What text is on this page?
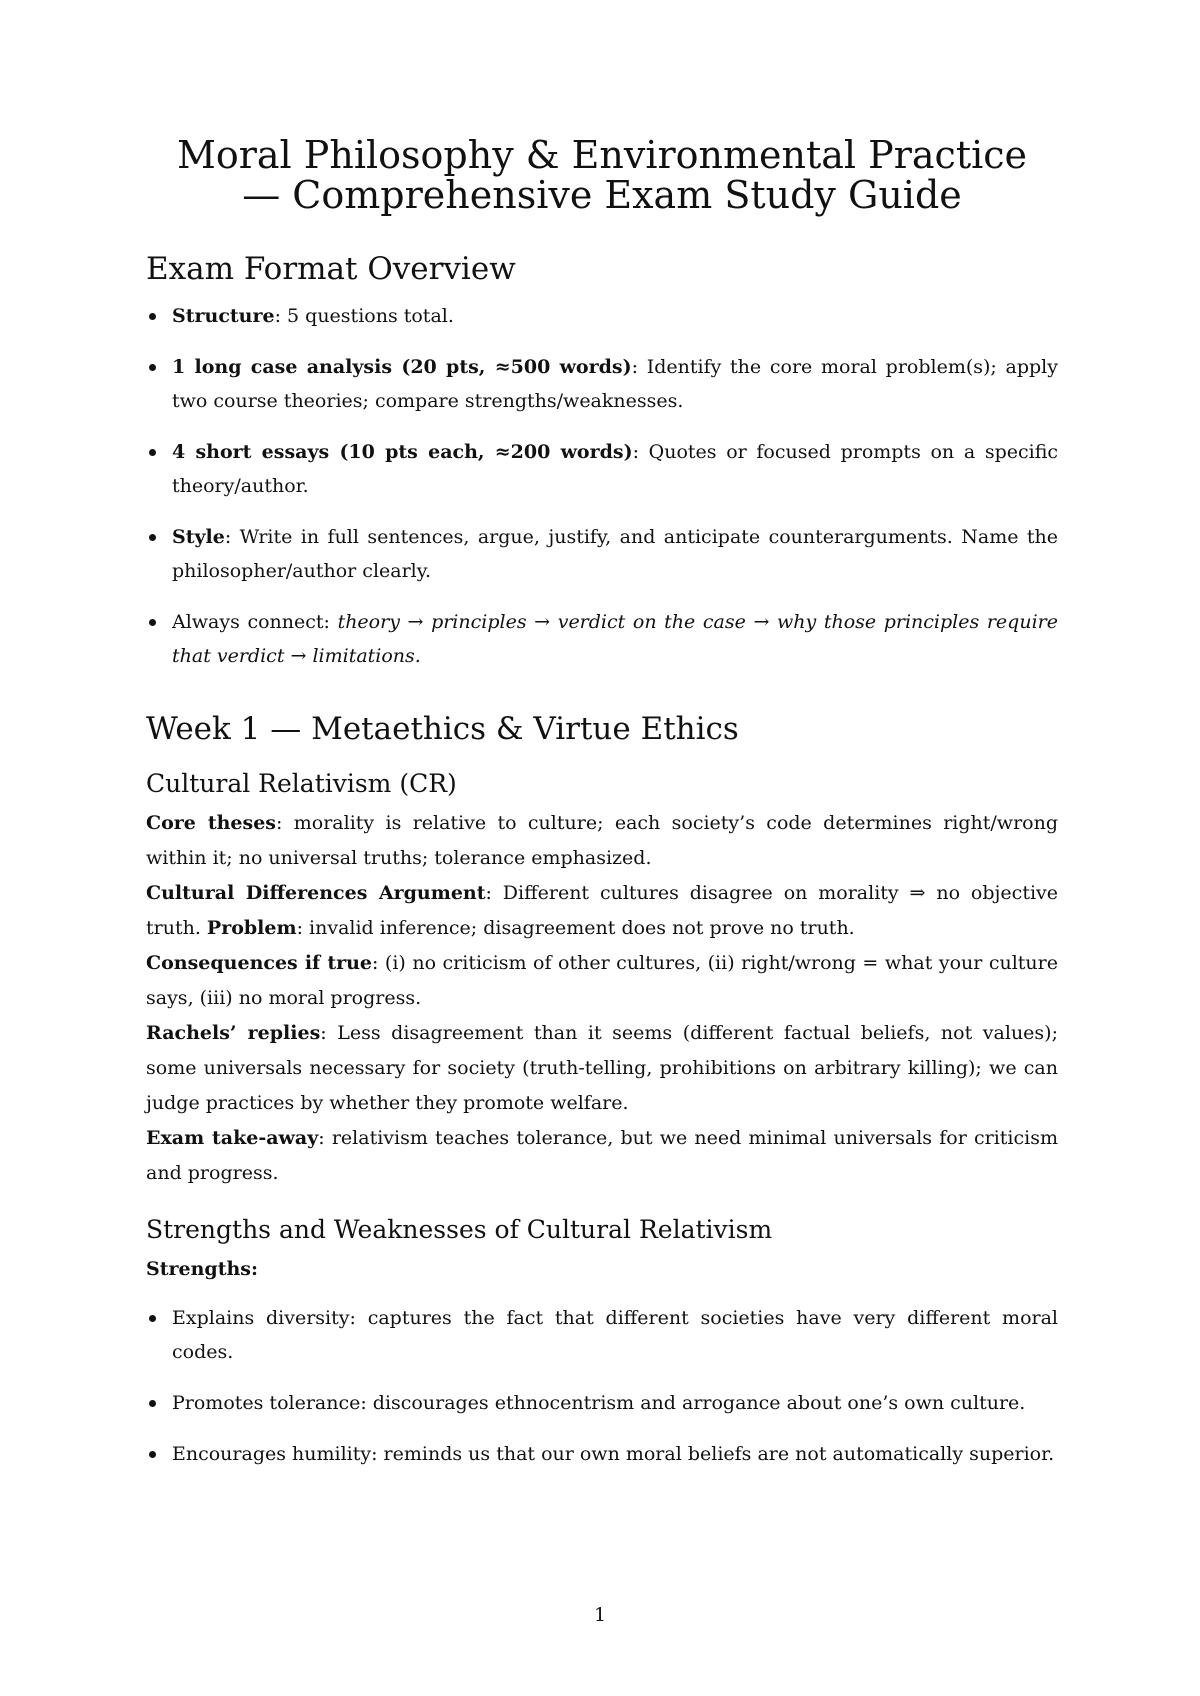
Moral Philosophy & Environmental Practice
— Comprehensive Exam Study Guide
Exam Format Overview
Structure: 5 questions total.
1 long case analysis (20 pts, ≈500 words): Identify the core moral problem(s); apply two course theories; compare strengths/weaknesses.
4 short essays (10 pts each, ≈200 words): Quotes or focused prompts on a specific theory/author.
Style: Write in full sentences, argue, justify, and anticipate counterarguments. Name the philosopher/author clearly.
Always connect: theory → principles → verdict on the case → why those principles require that verdict → limitations.
Week 1 — Metaethics & Virtue Ethics
Cultural Relativism (CR)

Core theses: morality is relative to culture; each society’s code determines right/wrong within it; no universal truths; tolerance emphasized.

Cultural Differences Argument: Different cultures disagree on morality ⇒ no objective truth. Problem: invalid inference; disagreement does not prove no truth.

Consequences if true: (i) no criticism of other cultures, (ii) right/wrong = what your culture says, (iii) no moral progress.

Rachels’ replies: Less disagreement than it seems (different factual beliefs, not values); some universals necessary for society (truth-telling, prohibitions on arbitrary killing); we can judge practices by whether they promote welfare.

Exam take-away: relativism teaches tolerance, but we need minimal universals for criticism and progress.

Strengths and Weaknesses of Cultural Relativism
Strengths:
Explains diversity: captures the fact that different societies have very different moral codes.
Promotes tolerance: discourages ethnocentrism and arrogance about one’s own culture.
Encourages humility: reminds us that our own moral beliefs are not automatically superior.
1
